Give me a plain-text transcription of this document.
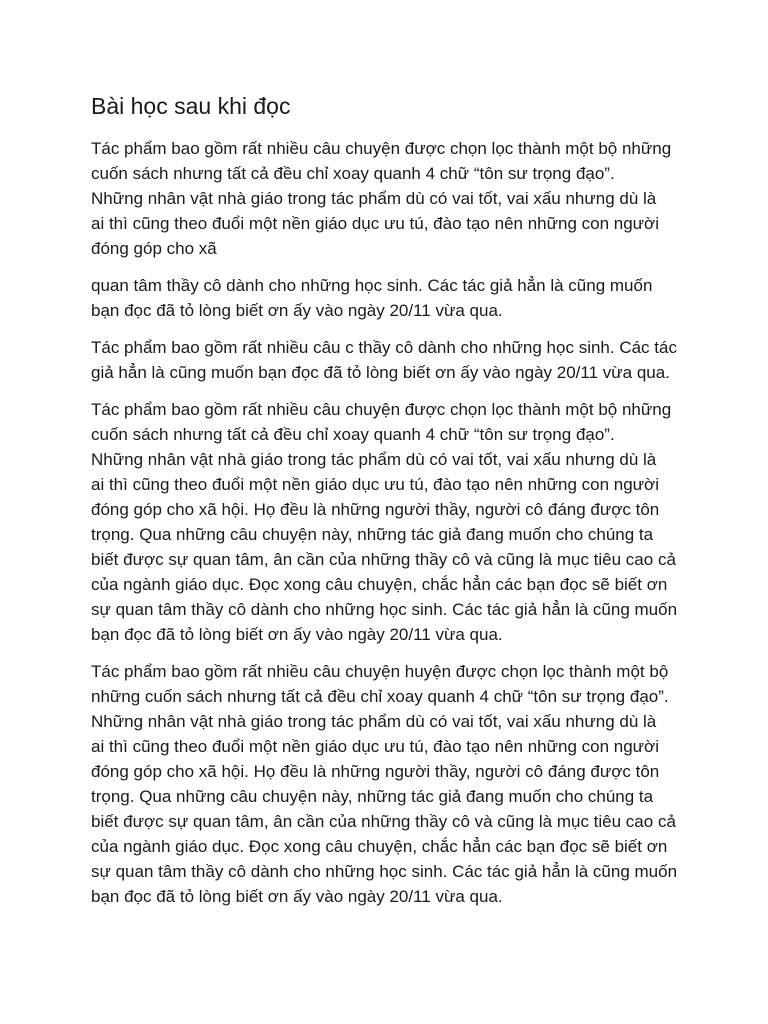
Bài học sau khi đọc

Tác phẩm bao gồm rất nhiều câu chuyện được chọn lọc thành một bộ những
cuốn sách nhưng tất cả đều chỉ xoay quanh 4 chữ “tôn sư trọng đạo”.
Những nhân vật nhà giáo trong tác phẩm dù có vai tốt, vai xấu nhưng dù là
ai thì cũng theo đuổi một nền giáo dục ưu tú, đào tạo nên những con người
đóng góp cho xã

quan tâm thầy cô dành cho những học sinh. Các tác giả hẳn là cũng muốn
bạn đọc đã tỏ lòng biết ơn ấy vào ngày 20/11 vừa qua.

Tác phẩm bao gồm rất nhiều câu c thầy cô dành cho những học sinh. Các tác
giả hẳn là cũng muốn bạn đọc đã tỏ lòng biết ơn ấy vào ngày 20/11 vừa qua.

Tác phẩm bao gồm rất nhiều câu chuyện được chọn lọc thành một bộ những
cuốn sách nhưng tất cả đều chỉ xoay quanh 4 chữ “tôn sư trọng đạo”.
Những nhân vật nhà giáo trong tác phẩm dù có vai tốt, vai xấu nhưng dù là
ai thì cũng theo đuổi một nền giáo dục ưu tú, đào tạo nên những con người
đóng góp cho xã hội. Họ đều là những người thầy, người cô đáng được tôn
trọng. Qua những câu chuyện này, những tác giả đang muốn cho chúng ta
biết được sự quan tâm, ân cần của những thầy cô và cũng là mục tiêu cao cả
của ngành giáo dục. Đọc xong câu chuyện, chắc hẳn các bạn đọc sẽ biết ơn
sự quan tâm thầy cô dành cho những học sinh. Các tác giả hẳn là cũng muốn
bạn đọc đã tỏ lòng biết ơn ấy vào ngày 20/11 vừa qua.

Tác phẩm bao gồm rất nhiều câu chuyện huyện được chọn lọc thành một bộ
những cuốn sách nhưng tất cả đều chỉ xoay quanh 4 chữ “tôn sư trọng đạo”.
Những nhân vật nhà giáo trong tác phẩm dù có vai tốt, vai xấu nhưng dù là
ai thì cũng theo đuổi một nền giáo dục ưu tú, đào tạo nên những con người
đóng góp cho xã hội. Họ đều là những người thầy, người cô đáng được tôn
trọng. Qua những câu chuyện này, những tác giả đang muốn cho chúng ta
biết được sự quan tâm, ân cần của những thầy cô và cũng là mục tiêu cao cả
của ngành giáo dục. Đọc xong câu chuyện, chắc hẳn các bạn đọc sẽ biết ơn
sự quan tâm thầy cô dành cho những học sinh. Các tác giả hẳn là cũng muốn
bạn đọc đã tỏ lòng biết ơn ấy vào ngày 20/11 vừa qua.
